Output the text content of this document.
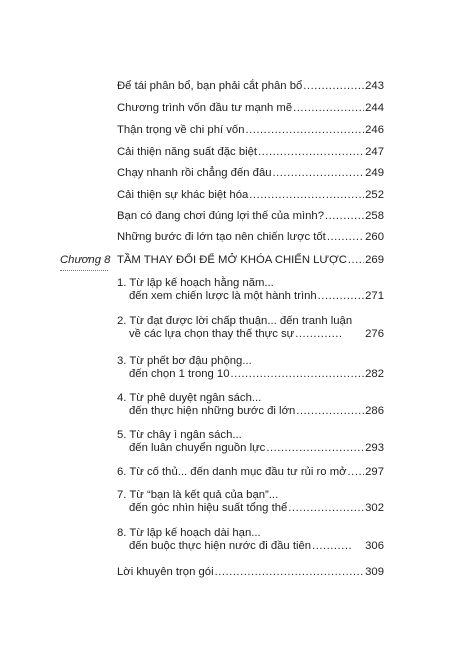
Để tái phân bổ, bạn phải cắt phân bổ .....	243
Chương trình vốn đầu tư mạnh mẽ .....	244
Thận trọng về chi phí vốn .....	246
Cải thiện năng suất đặc biệt .....	247
Chạy nhanh rồi chẳng đến đâu .....	249
Cải thiện sự khác biệt hóa .....	252
Bạn có đang chơi đúng lợi thế của mình? .....	258
Những bước đi lớn tạo nên chiến lược tốt .....	260
Chương 8 TẦM THAY ĐỔI ĐỂ MỞ KHÓA CHIẾN LƯỢC ..... 269
1. Từ lập kế hoạch hằng năm...
đến xem chiến lược là một hành trình .....	271
2. Từ đạt được lời chấp thuận... đến tranh luận
về các lựa chọn thay thế thực sự .....	276
3. Từ phết bơ đậu phộng...
đến chọn 1 trong 10 .....	282
4. Từ phê duyệt ngân sách...
đến thực hiện những bước đi lớn .....	286
5. Từ chây ì ngân sách...
đến luân chuyển nguồn lực .....	293
6. Từ cố thủ... đến danh mục đầu tư rủi ro mở ..... 297
7. Từ “bạn là kết quả của bạn”...
đến góc nhìn hiệu suất tổng thể .....	302
8. Từ lập kế hoạch dài hạn...
đến buộc thực hiện nước đi đầu tiên .....	306
Lời khuyên trọn gói .....	309
